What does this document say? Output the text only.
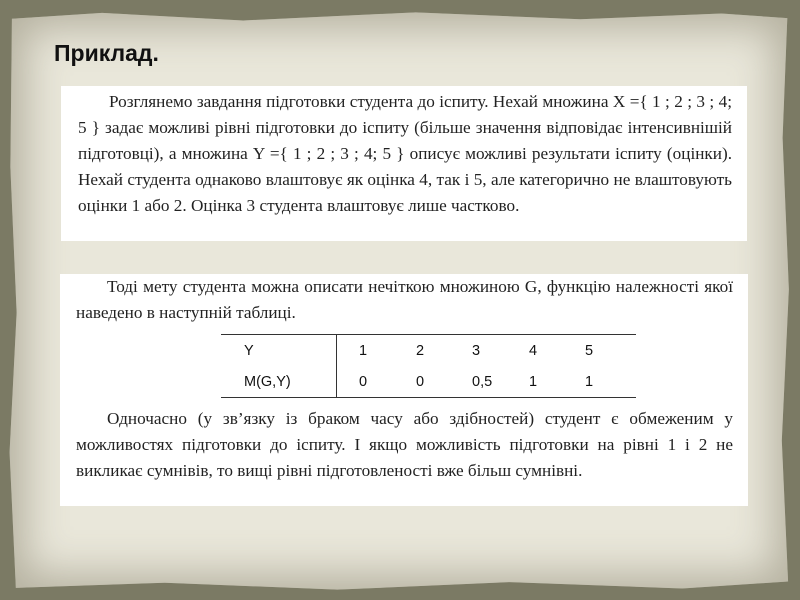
Приклад.

Розглянемо завдання підготовки студента до іспиту. Нехай множина X ={ 1 ; 2 ; 3 ; 4; 5 } задає можливі рівні підготовки до іспиту (більше значення відповідає інтенсивнішій підготовці), а множина Y ={ 1 ; 2 ; 3 ; 4; 5 } описує можливі результати іспиту (оцінки). Нехай студента однаково влаштовує як оцінка 4, так і 5, але категорично не влаштовують оцінки 1 або 2. Оцінка 3 студента влаштовує лише частково.

Тоді мету студента можна описати нечіткою множиною G, функцію належності якої наведено в наступній таблиці.

Y	1	2	3	4	5
M(G,Y)	0	0	0,5	1	1

Одночасно (у зв’язку із браком часу або здібностей) студент є обмеженим у можливостях підготовки до іспиту. І якщо можливість підготовки на рівні 1 і 2 не викликає сумнівів, то вищі рівні підготовленості вже більш сумнівні.
